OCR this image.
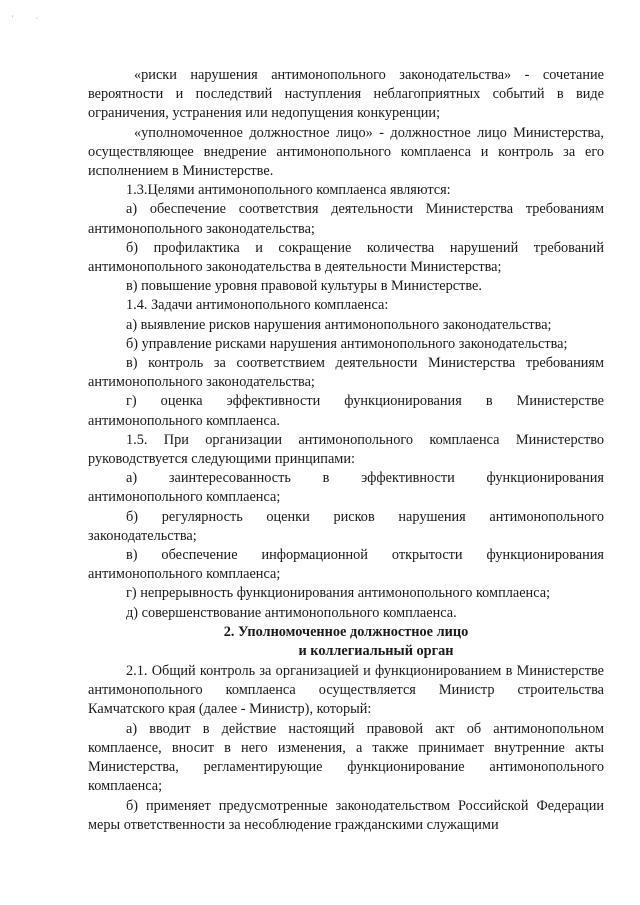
' ·

«риски нарушения антимонопольного законодательства» - сочетание вероятности и последствий наступления неблагоприятных событий в виде ограничения, устранения или недопущения конкуренции;

«уполномоченное должностное лицо» - должностное лицо Министерства, осуществляющее внедрение антимонопольного комплаенса и контроль за его исполнением в Министерстве.

1.3.Целями антимонопольного комплаенса являются:

а) обеспечение соответствия деятельности Министерства требованиям антимонопольного законодательства;

б) профилактика и сокращение количества нарушений требований антимонопольного законодательства в деятельности Министерства;

в) повышение уровня правовой культуры в Министерстве.

1.4. Задачи антимонопольного комплаенса:

а) выявление рисков нарушения антимонопольного законодательства;

б) управление рисками нарушения антимонопольного законодательства;

в) контроль за соответствием деятельности Министерства требованиям антимонопольного законодательства;

г) оценка эффективности функционирования в Министерстве антимонопольного комплаенса.

1.5. При организации антимонопольного комплаенса Министерство руководствуется следующими принципами:

а) заинтересованность в эффективности функционирования антимонопольного комплаенса;

б) регулярность оценки рисков нарушения антимонопольного законодательства;

в) обеспечение информационной открытости функционирования антимонопольного комплаенса;

г) непрерывность функционирования антимонопольного комплаенса;

д) совершенствование антимонопольного комплаенса.

2. Уполномоченное должностное лицо
и коллегиальный орган

2.1. Общий контроль за организацией и функционированием в Министерстве антимонопольного комплаенса осуществляется Министр строительства Камчатского края (далее - Министр), который:

а) вводит в действие настоящий правовой акт об антимонопольном комплаенсе, вносит в него изменения, а также принимает внутренние акты Министерства, регламентирующие функционирование антимонопольного комплаенса;

б) применяет предусмотренные законодательством Российской Федерации меры ответственности за несоблюдение гражданскими служащими
